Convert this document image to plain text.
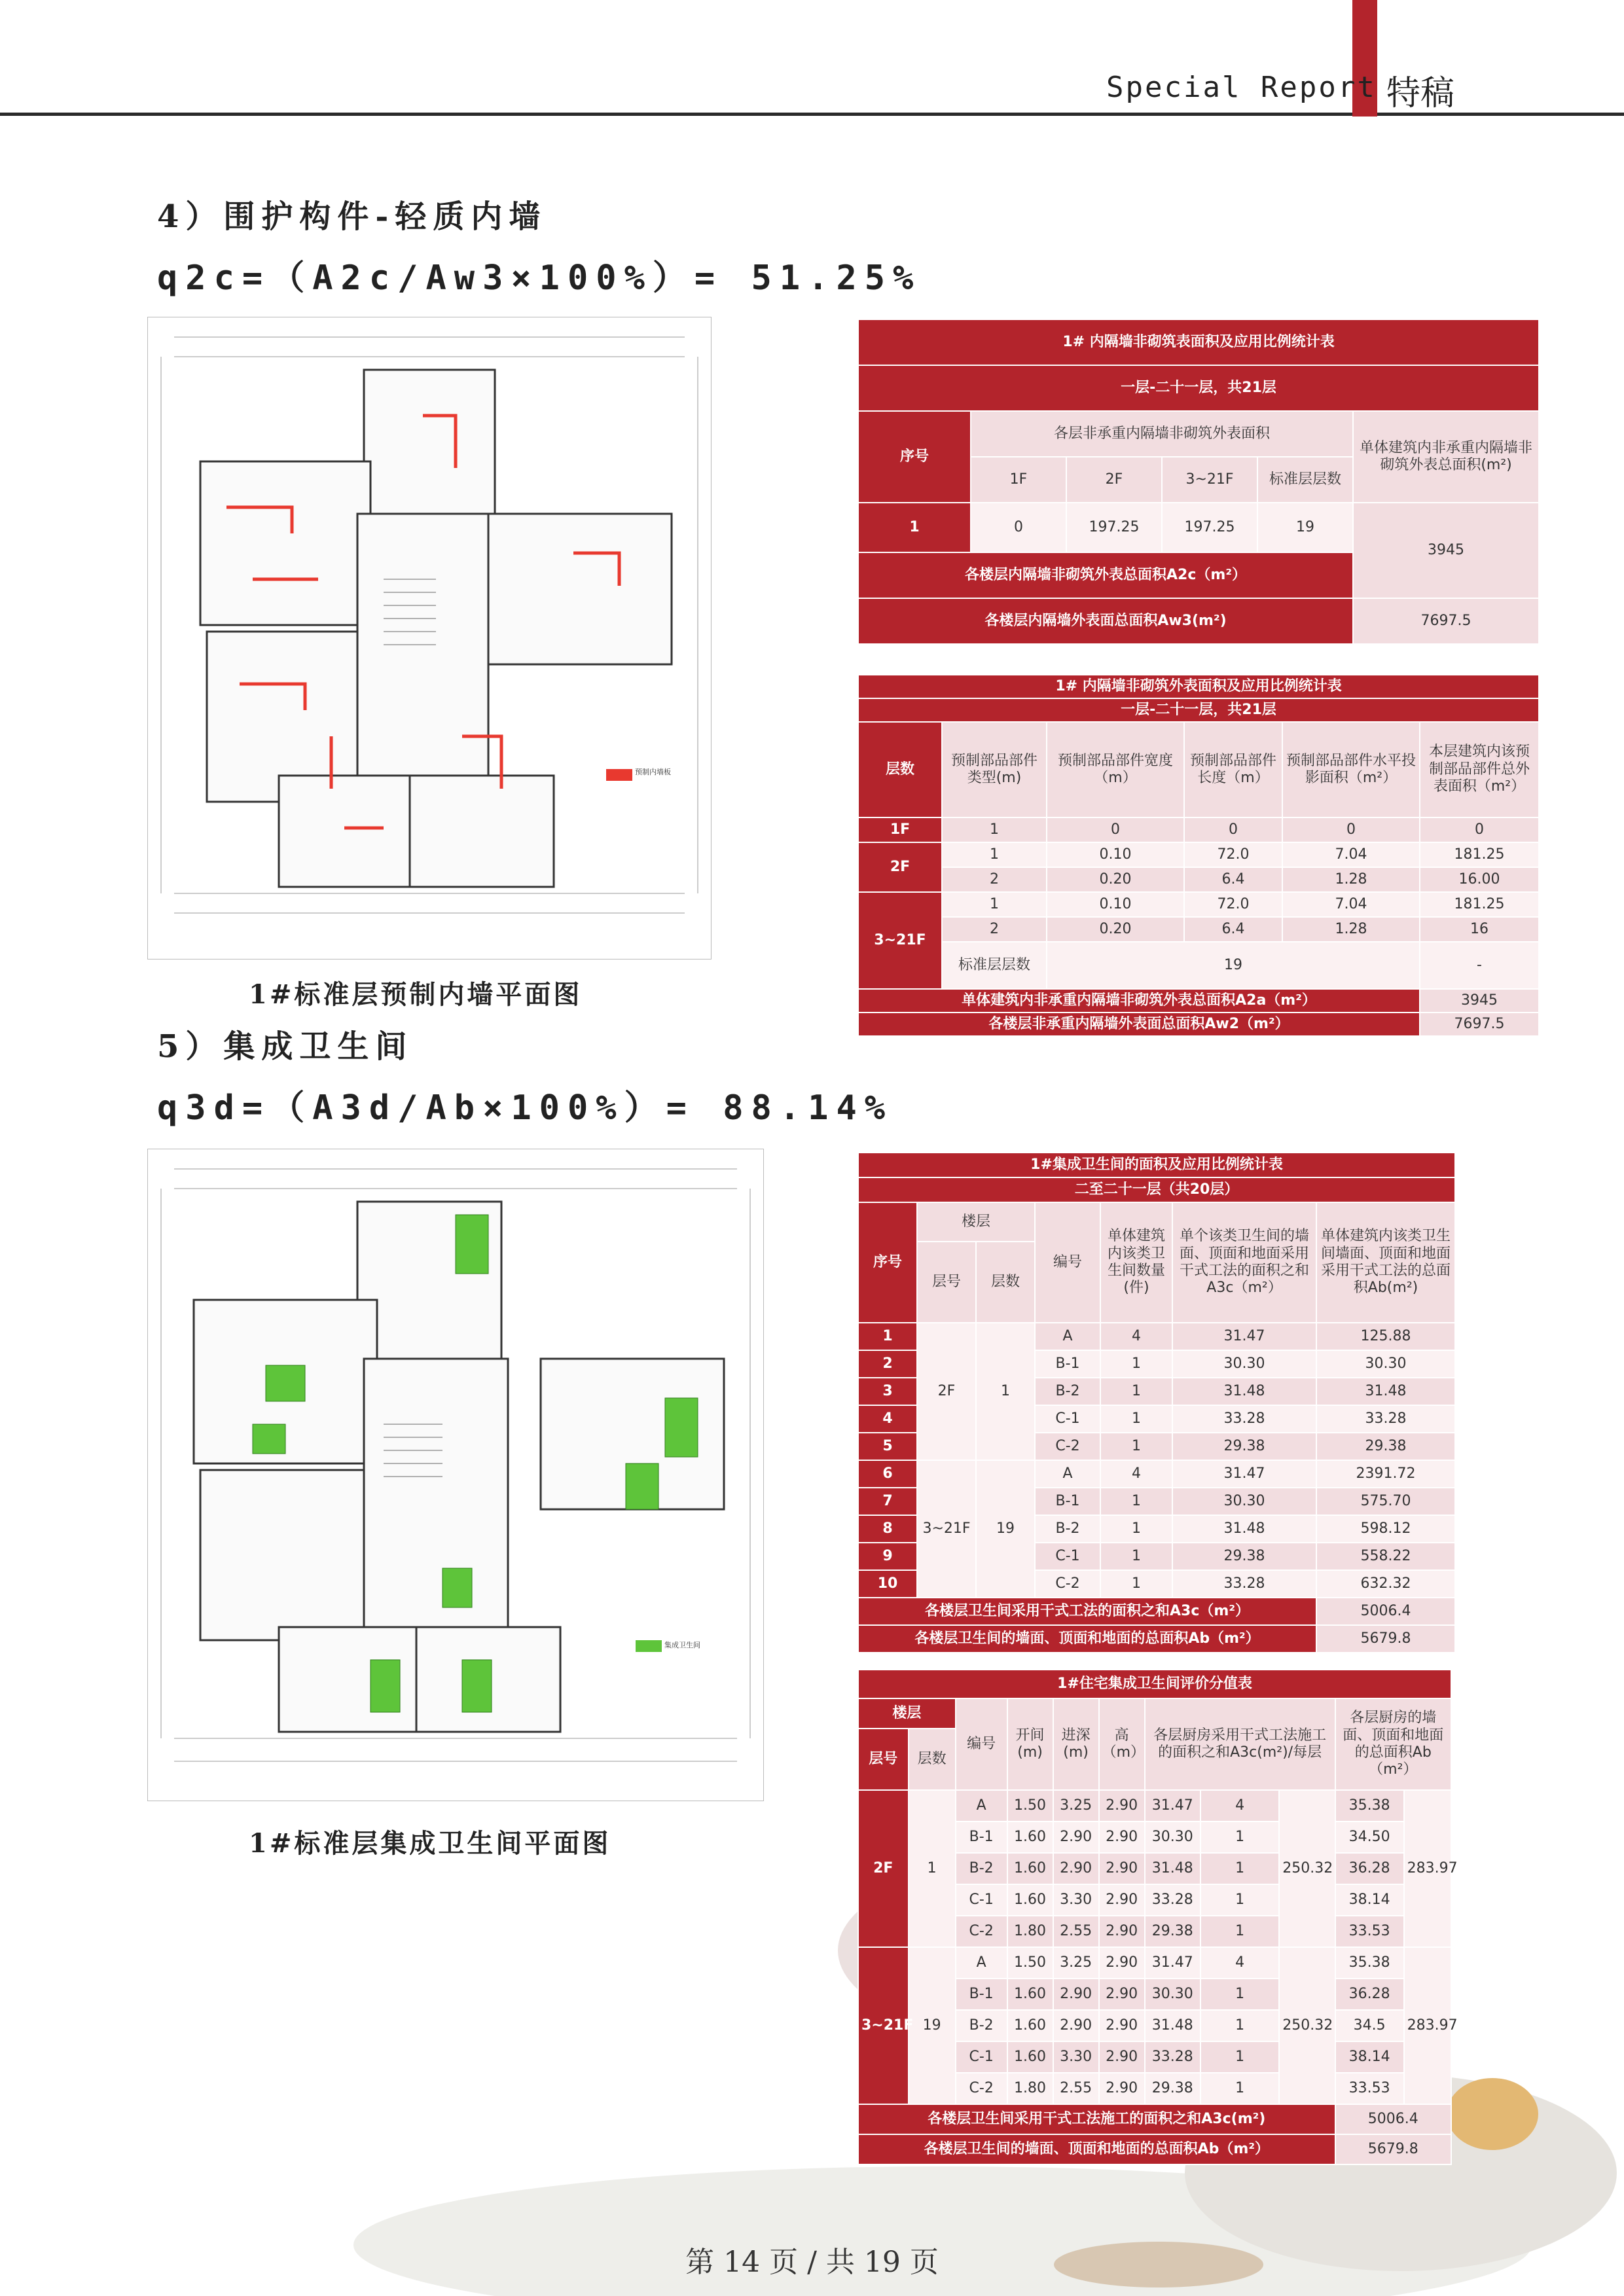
Special Report 特稿
4）围护构件-轻质内墙
q2c=（A2c/Aw3×100%）= 51.25%
预制内墙板
1#标准层预制内墙平面图
1# 内隔墙非砌筑表面积及应用比例统计表					
一层-二十一层，共21层					
序号	各层非承重内隔墙非砌筑外表面积				单体建筑内非承重内隔墙非砌筑外表总面积(m²)
	1F	2F	3~21F	标准层层数	
1	0	197.25	197.25	19	3945
各楼层内隔墙非砌筑外表总面积A2c（m²）					
各楼层内隔墙外表面总面积Aw3(m²)					7697.5
1# 内隔墙非砌筑外表面积及应用比例统计表					
一层-二十一层，共21层					
层数	预制部品部件类型(m)	预制部品部件宽度（m）	预制部品部件长度（m）	预制部品部件水平投影面积（m²）	本层建筑内该预制部品部件总外表面积（m²）
1F	1	0	0	0	0
2F	1	0.10	72.0	7.04	181.25
	2	0.20	6.4	1.28	16.00
3~21F	1	0.10	72.0	7.04	181.25
	2	0.20	6.4	1.28	16
	标准层层数	19			-
单体建筑内非承重内隔墙非砌筑外表总面积A2a（m²）					3945
各楼层非承重内隔墙外表面总面积Aw2（m²）					7697.5
5）集成卫生间
q3d=（A3d/Ab×100%）= 88.14%
集成卫生间
1#标准层集成卫生间平面图
1#集成卫生间的面积及应用比例统计表						
二至二十一层（共20层）						
序号	楼层		编号	单体建筑内该类卫生间数量(件)	单个该类卫生间的墙面、顶面和地面采用干式工法的面积之和A3c（m²）	单体建筑内该类卫生间墙面、顶面和地面采用干式工法的总面积Ab(m²)
	层号	层数				
1	2F	1	A	4	31.47	125.88
2			B-1	1	30.30	30.30
3			B-2	1	31.48	31.48
4			C-1	1	33.28	33.28
5			C-2	1	29.38	29.38
6	3~21F	19	A	4	31.47	2391.72
7			B-1	1	30.30	575.70
8			B-2	1	31.48	598.12
9			C-1	1	29.38	558.22
10			C-2	1	33.28	632.32
各楼层卫生间采用干式工法的面积之和A3c（m²）						5006.4
各楼层卫生间的墙面、顶面和地面的总面积Ab（m²）						5679.8
1#住宅集成卫生间评价分值表										
楼层		编号	开间(m)	进深(m)	高（m）	各层厨房采用干式工法施工的面积之和A3c(m²)/每层			各层厨房的墙面、顶面和地面的总面积Ab（m²）	
层号	层数									
2F	1	A	1.50	3.25	2.90	31.47	4	250.32	35.38	283.97
		B-1	1.60	2.90	2.90	30.30	1		34.50	
		B-2	1.60	2.90	2.90	31.48	1		36.28	
		C-1	1.60	3.30	2.90	33.28	1		38.14	
		C-2	1.80	2.55	2.90	29.38	1		33.53	
3~21F	19	A	1.50	3.25	2.90	31.47	4	250.32	35.38	283.97
		B-1	1.60	2.90	2.90	30.30	1		36.28	
		B-2	1.60	2.90	2.90	31.48	1		34.5	
		C-1	1.60	3.30	2.90	33.28	1		38.14	
		C-2	1.80	2.55	2.90	29.38	1		33.53	
各楼层卫生间采用干式工法施工的面积之和A3c(m²)									5006.4	
各楼层卫生间的墙面、顶面和地面的总面积Ab（m²）									5679.8	
第 14 页 / 共 19 页
